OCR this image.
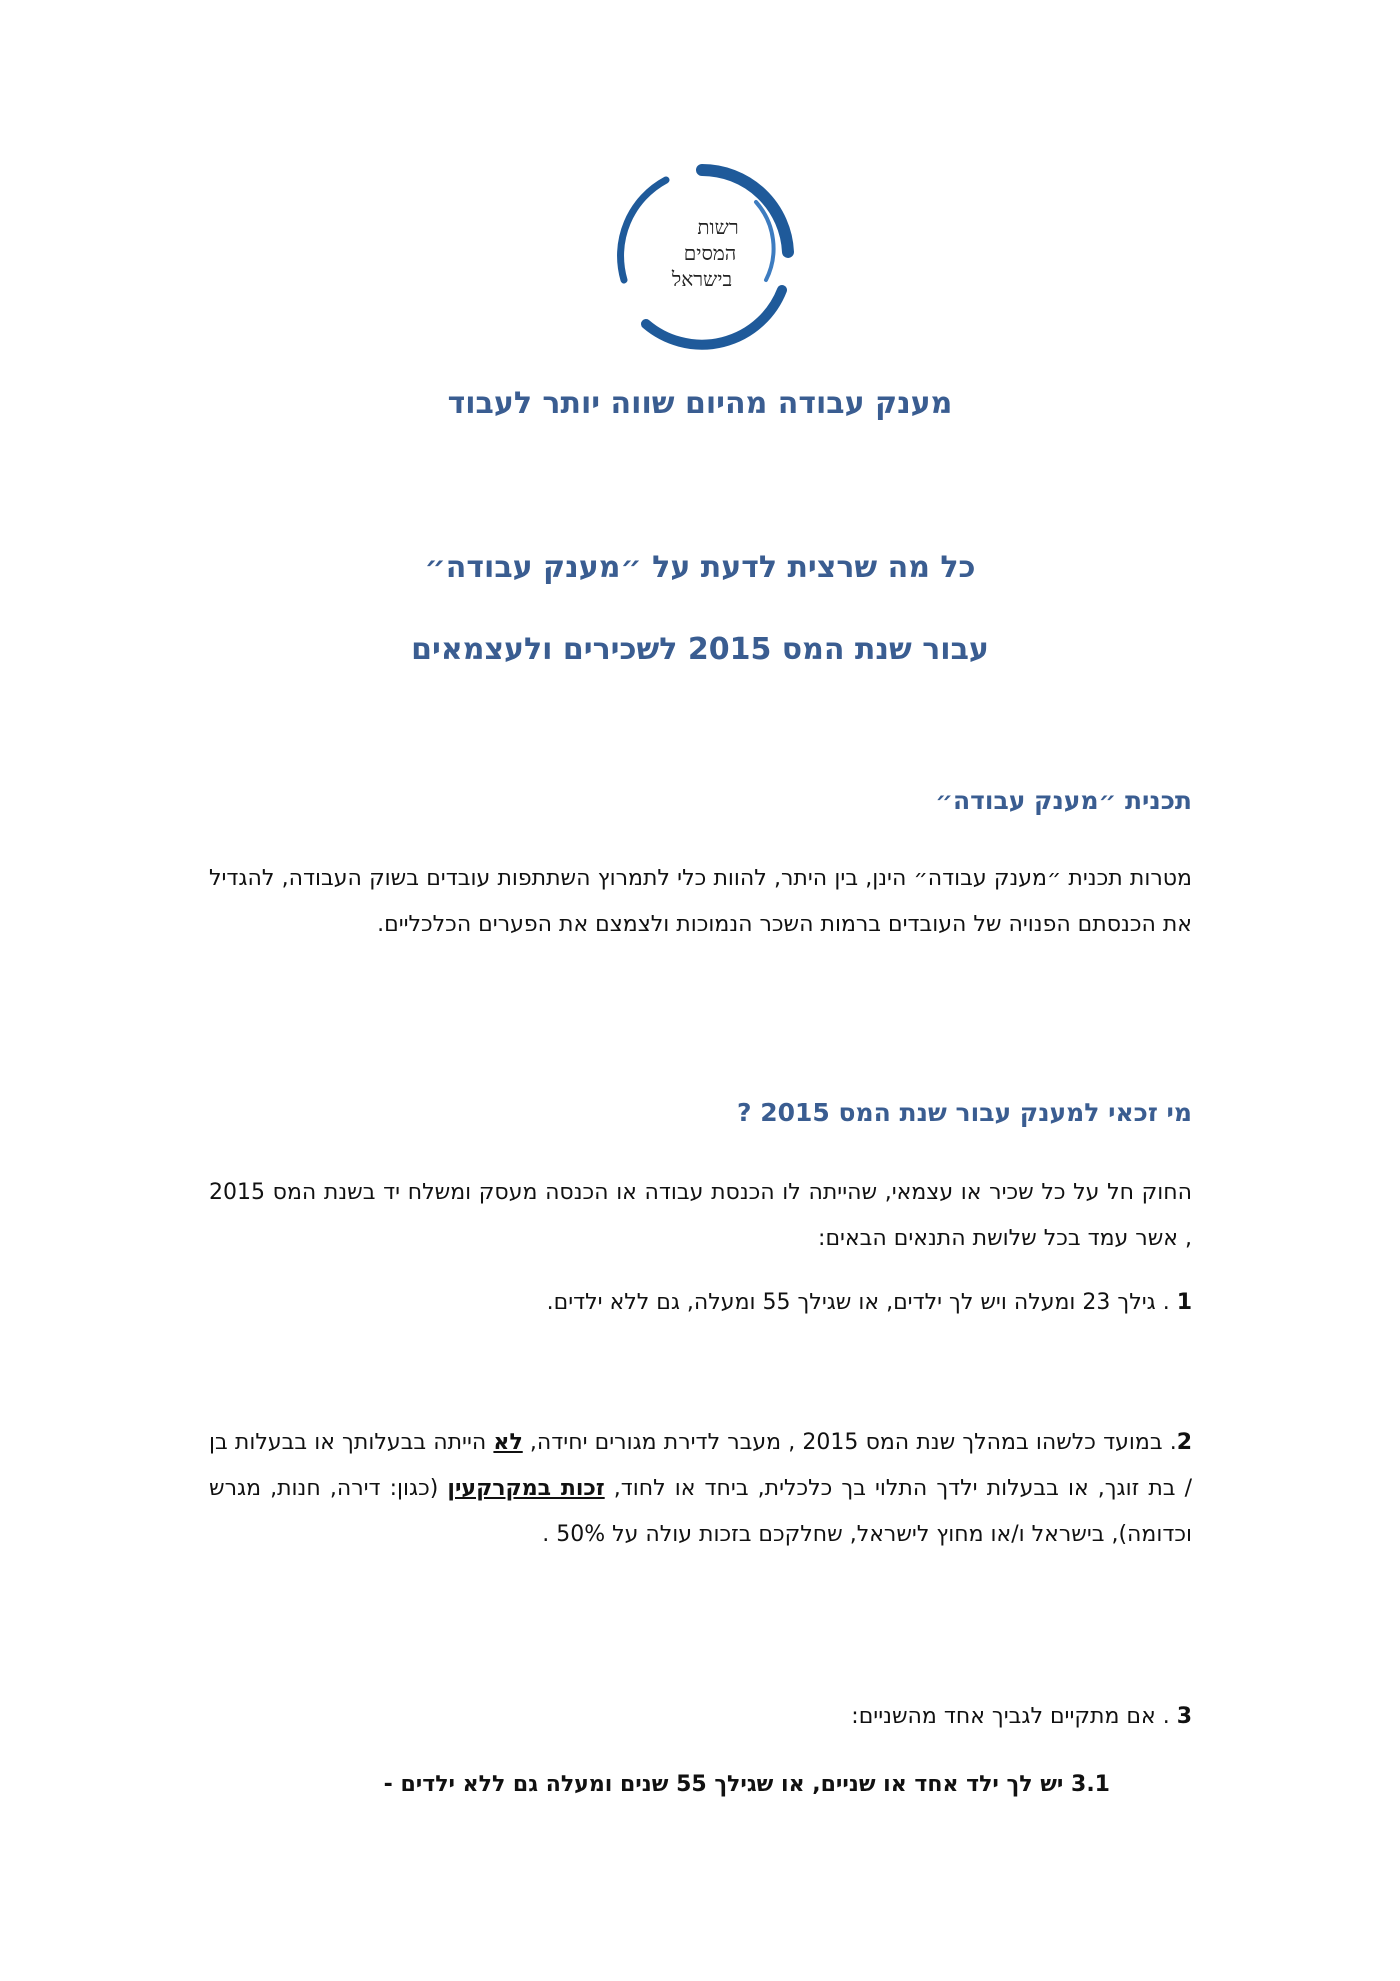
רשות
המסים
בישראל
מענק עבודה מהיום שווה יותר לעבוד
כל מה שרצית לדעת על ״מענק עבודה״
עבור שנת המס 2015 לשכירים ולעצמאים
תכנית ״מענק עבודה״

מטרות תכנית ״מענק עבודה״ הינן, בין היתר, להוות כלי לתמרוץ השתתפות עובדים בשוק העבודה, להגדיל את הכנסתם הפנויה של העובדים ברמות השכר הנמוכות ולצמצם את הפערים הכלכליים.

מי זכאי למענק עבור שנת המס 2015 ?

החוק חל על כל שכיר או עצמאי, שהייתה לו הכנסת עבודה או הכנסה מעסק ומשלח יד בשנת המס 2015 , אשר עמד בכל שלושת התנאים הבאים:

1 . גילך 23 ומעלה ויש לך ילדים, או שגילך 55 ומעלה, גם ללא ילדים.

2. במועד כלשהו במהלך שנת המס 2015 , מעבר לדירת מגורים יחידה, לא הייתה בבעלותך או בבעלות בן / בת זוגך, או בבעלות ילדך התלוי בך כלכלית, ביחד או לחוד, זכות במקרקעין (כגון: דירה, חנות, מגרש וכדומה), בישראל ו/או מחוץ לישראל, שחלקכם בזכות עולה על 50% .

3 . אם מתקיים לגביך אחד מהשניים:

3.1 יש לך ילד אחד או שניים, או שגילך 55 שנים ומעלה גם ללא ילדים -
